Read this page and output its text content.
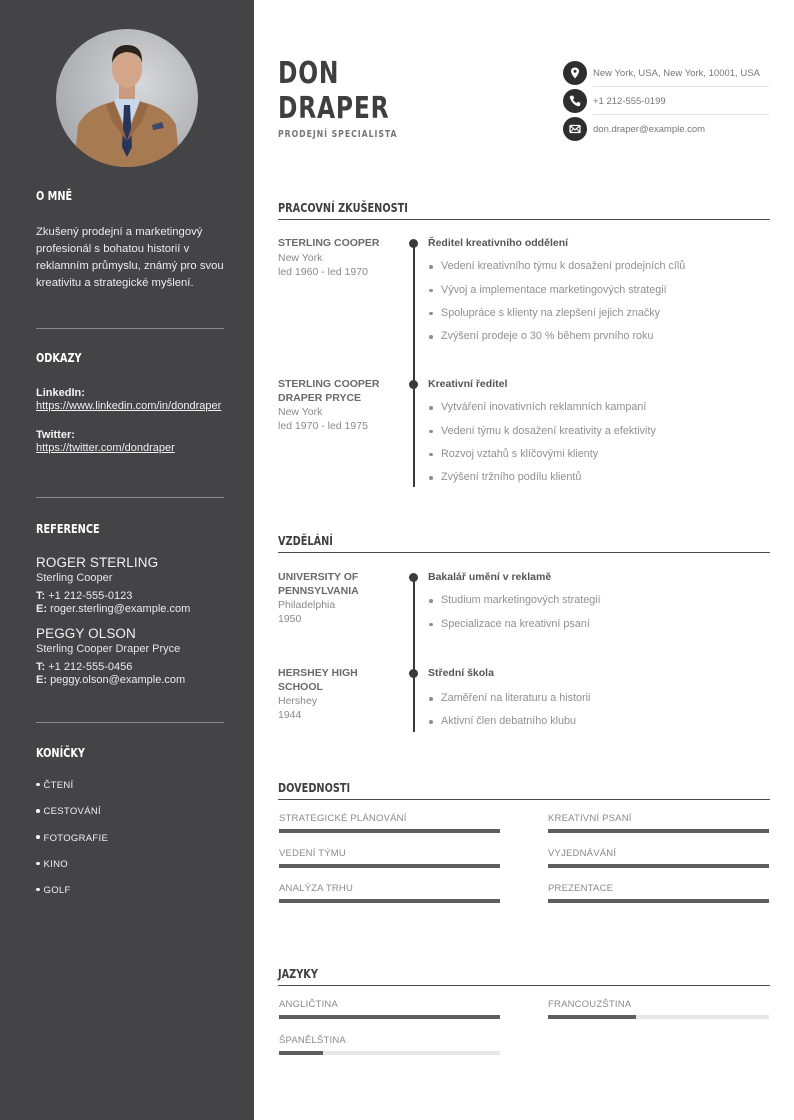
O MNĚ

Zkušený prodejní a marketingový profesionál s bohatou historií v reklamním průmyslu, známý pro svou kreativitu a strategické myšlení.

ODKAZY
LinkedIn:
https://www.linkedin.com/in/dondraper
Twitter:
https://twitter.com/dondraper
REFERENCE
ROGER STERLING
Sterling Cooper
T: +1 212-555-0123
E: roger.sterling@example.com
PEGGY OLSON
Sterling Cooper Draper Pryce
T: +1 212-555-0456
E: peggy.olson@example.com
KONÍČKY
ČTENÍ
CESTOVÁNÍ
FOTOGRAFIE
KINO
GOLF
DON
DRAPER
PRODEJNÍ SPECIALISTA
New York, USA, New York, 10001, USA
+1 212-555-0199
don.draper@example.com
PRACOVNÍ ZKUŠENOSTI
STERLING COOPER
New York
led 1960 - led 1970
Ředitel kreativního oddělení
Vedení kreativního týmu k dosažení prodejních cílů
Vývoj a implementace marketingových strategií
Spolupráce s klienty na zlepšení jejich značky
Zvýšení prodeje o 30 % během prvního roku
STERLING COOPER DRAPER PRYCE
New York
led 1970 - led 1975
Kreativní ředitel
Vytváření inovativních reklamních kampaní
Vedení týmu k dosažení kreativity a efektivity
Rozvoj vztahů s klíčovými klienty
Zvýšení tržního podílu klientů
VZDĚLÁNÍ
UNIVERSITY OF PENNSYLVANIA
Philadelphia
1950
Bakalář umění v reklamě
Studium marketingových strategií
Specializace na kreativní psaní
HERSHEY HIGH SCHOOL
Hershey
1944
Střední škola
Zaměření na literaturu a historii
Aktivní člen debatního klubu
DOVEDNOSTI
STRATEGICKÉ PLÁNOVÁNÍ	KREATIVNÍ PSANÍ
VEDENÍ TÝMU	VYJEDNÁVÁNÍ
ANALÝZA TRHU	PREZENTACE
JAZYKY
ANGLIČTINA	FRANCOUZŠTINA
ŠPANĚLŠTINA
